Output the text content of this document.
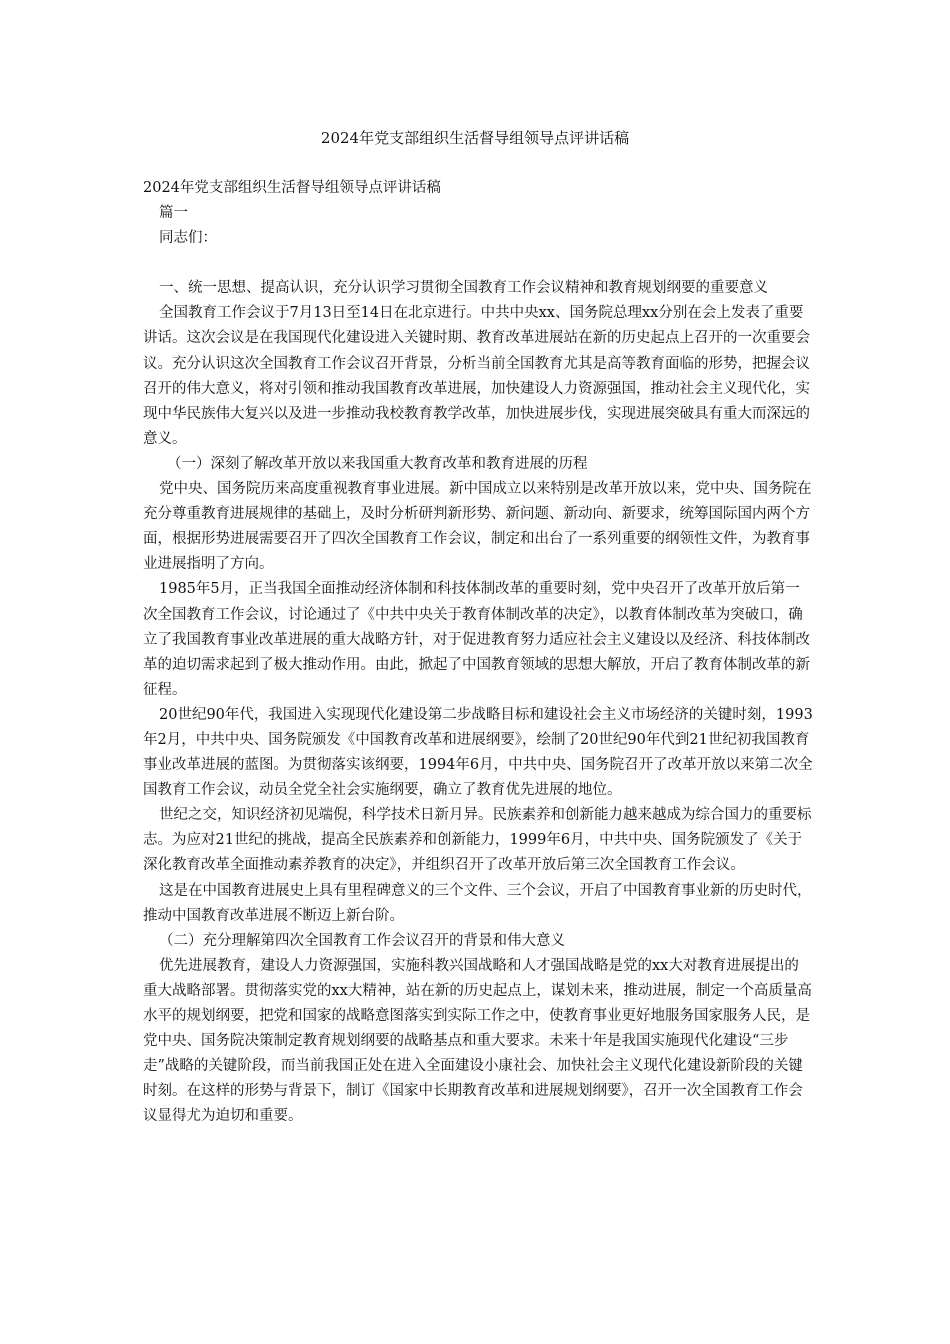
2024年党支部组织生活督导组领导点评讲话稿

2024年党支部组织生活督导组领导点评讲话稿

篇一

同志们：

一、统一思想、提高认识，充分认识学习贯彻全国教育工作会议精神和教育规划纲要的重要意义

全国教育工作会议于7月13日至14日在北京进行。中共中央xx、国务院总理xx分别在会上发表了重要讲话。这次会议是在我国现代化建设进入关键时期、教育改革进展站在新的历史起点上召开的一次重要会议。充分认识这次全国教育工作会议召开背景，分析当前全国教育尤其是高等教育面临的形势，把握会议召开的伟大意义，将对引领和推动我国教育改革进展，加快建设人力资源强国，推动社会主义现代化，实现中华民族伟大复兴以及进一步推动我校教育教学改革，加快进展步伐，实现进展突破具有重大而深远的意义。

（一）深刻了解改革开放以来我国重大教育改革和教育进展的历程

党中央、国务院历来高度重视教育事业进展。新中国成立以来特别是改革开放以来，党中央、国务院在充分尊重教育进展规律的基础上，及时分析研判新形势、新问题、新动向、新要求，统筹国际国内两个方面，根据形势进展需要召开了四次全国教育工作会议，制定和出台了一系列重要的纲领性文件，为教育事业进展指明了方向。

1985年5月，正当我国全面推动经济体制和科技体制改革的重要时刻，党中央召开了改革开放后第一次全国教育工作会议，讨论通过了《中共中央关于教育体制改革的决定》，以教育体制改革为突破口，确立了我国教育事业改革进展的重大战略方针，对于促进教育努力适应社会主义建设以及经济、科技体制改革的迫切需求起到了极大推动作用。由此，掀起了中国教育领域的思想大解放，开启了教育体制改革的新征程。

20世纪90年代，我国进入实现现代化建设第二步战略目标和建设社会主义市场经济的关键时刻，1993年2月，中共中央、国务院颁发《中国教育改革和进展纲要》，绘制了20世纪90年代到21世纪初我国教育事业改革进展的蓝图。为贯彻落实该纲要，1994年6月，中共中央、国务院召开了改革开放以来第二次全国教育工作会议，动员全党全社会实施纲要，确立了教育优先进展的地位。

世纪之交，知识经济初见端倪，科学技术日新月异。民族素养和创新能力越来越成为综合国力的重要标志。为应对21世纪的挑战，提高全民族素养和创新能力，1999年6月，中共中央、国务院颁发了《关于深化教育改革全面推动素养教育的决定》，并组织召开了改革开放后第三次全国教育工作会议。

这是在中国教育进展史上具有里程碑意义的三个文件、三个会议，开启了中国教育事业新的历史时代，推动中国教育改革进展不断迈上新台阶。

（二）充分理解第四次全国教育工作会议召开的背景和伟大意义

优先进展教育，建设人力资源强国，实施科教兴国战略和人才强国战略是党的xx大对教育进展提出的重大战略部署。贯彻落实党的xx大精神，站在新的历史起点上，谋划未来，推动进展，制定一个高质量高水平的规划纲要，把党和国家的战略意图落实到实际工作之中，使教育事业更好地服务国家服务人民，是党中央、国务院决策制定教育规划纲要的战略基点和重大要求。未来十年是我国实施现代化建设“三步走”战略的关键阶段，而当前我国正处在进入全面建设小康社会、加快社会主义现代化建设新阶段的关键时刻。在这样的形势与背景下，制订《国家中长期教育改革和进展规划纲要》，召开一次全国教育工作会议显得尤为迫切和重要。
